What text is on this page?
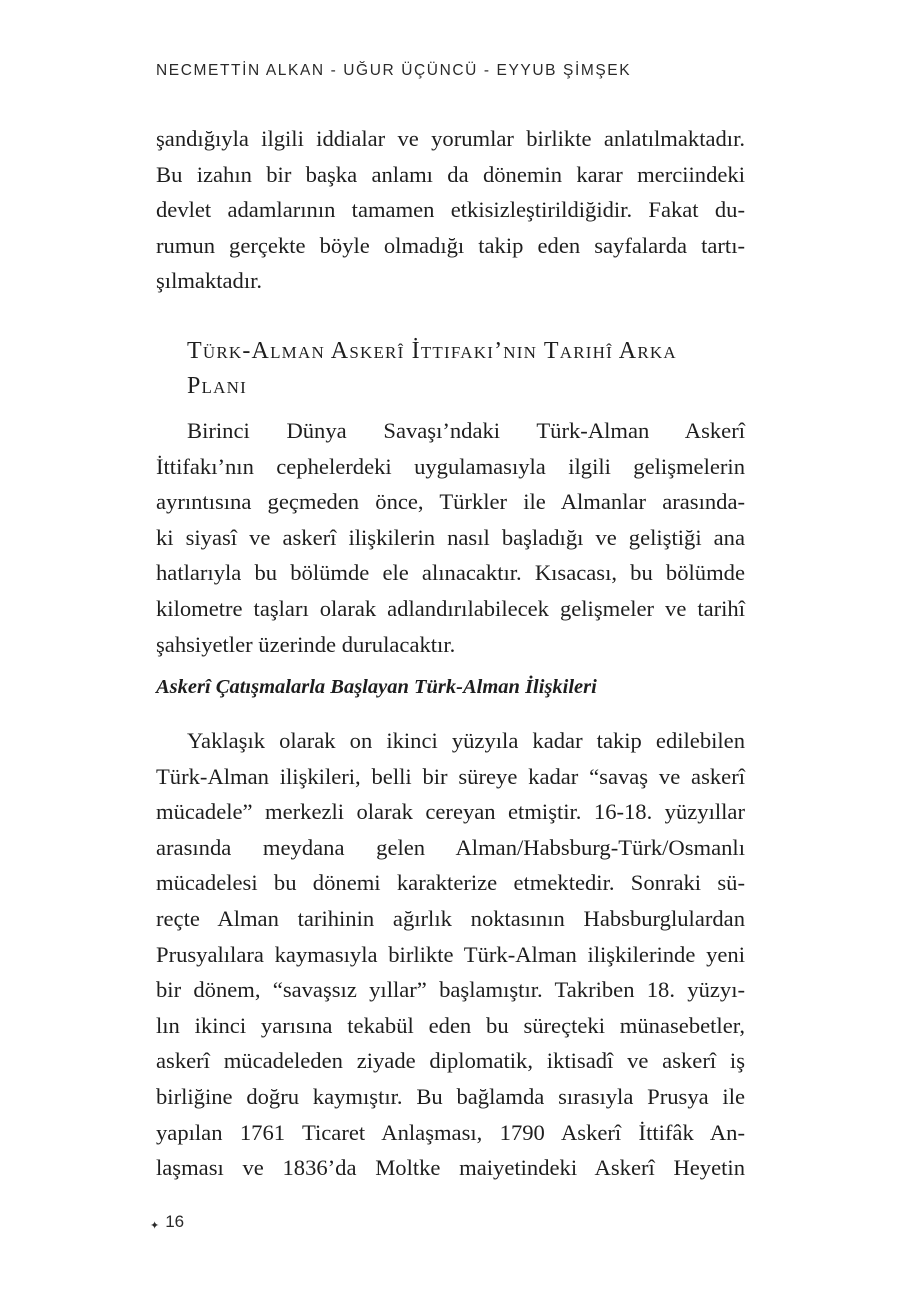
NECMETTİN ALKAN - UĞUR ÜÇÜNCÜ - EYYUB ŞİMŞEK
şandığıyla ilgili iddialar ve yorumlar birlikte anlatılmaktadır.
Bu izahın bir başka anlamı da dönemin karar merciindeki
devlet adamlarının tamamen etkisizleştirildiğidir. Fakat du-
rumun gerçekte böyle olmadığı takip eden sayfalarda tartı-
şılmaktadır.
Türk-Alman Askerî İttifakı’nın Tarihî Arka
Planı
Birinci Dünya Savaşı’ndaki Türk-Alman Askerî
İttifakı’nın cephelerdeki uygulamasıyla ilgili gelişmelerin
ayrıntısına geçmeden önce, Türkler ile Almanlar arasında-
ki siyasî ve askerî ilişkilerin nasıl başladığı ve geliştiği ana
hatlarıyla bu bölümde ele alınacaktır. Kısacası, bu bölümde
kilometre taşları olarak adlandırılabilecek gelişmeler ve tarihî
şahsiyetler üzerinde durulacaktır.
Askerî Çatışmalarla Başlayan Türk-Alman İlişkileri
Yaklaşık olarak on ikinci yüzyıla kadar takip edilebilen
Türk-Alman ilişkileri, belli bir süreye kadar “savaş ve askerî
mücadele” merkezli olarak cereyan etmiştir. 16-18. yüzyıllar
arasında meydana gelen Alman/Habsburg-Türk/Osmanlı
mücadelesi bu dönemi karakterize etmektedir. Sonraki sü-
reçte Alman tarihinin ağırlık noktasının Habsburglulardan
Prusyalılara kaymasıyla birlikte Türk-Alman ilişkilerinde yeni
bir dönem, “savaşsız yıllar” başlamıştır. Takriben 18. yüzyı-
lın ikinci yarısına tekabül eden bu süreçteki münasebetler,
askerî mücadeleden ziyade diplomatik, iktisadî ve askerî iş
birliğine doğru kaymıştır. Bu bağlamda sırasıyla Prusya ile
yapılan 1761 Ticaret Anlaşması, 1790 Askerî İttifâk An-
laşması ve 1836’da Moltke maiyetindeki Askerî Heyetin
✦ 16
